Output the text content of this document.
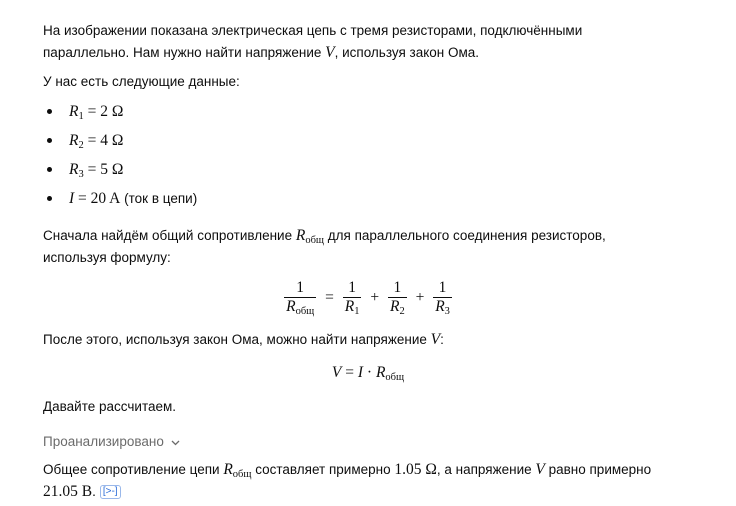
На изображении показана электрическая цепь с тремя резисторами, подключёнными
параллельно. Нам нужно найти напряжение V, используя закон Ома.

У нас есть следующие данные:

$R_1 = 2$ Ω
$R_2 = 4$ Ω
$R_3 = 5$ Ω
I = 20 A (ток в цепи)

Сначала найдём общий сопротивление $R_{общ}$ для параллельного соединения резисторов,
используя формулу:

$\frac{1}{R_{общ}} = \frac{1}{R_1} + \frac{1}{R_2} + \frac{1}{R_3}$

После этого, используя закон Ома, можно найти напряжение V:

$V = I \cdot R_{общ}$

Давайте рассчитаем.

Проанализировано

Общее сопротивление цепи $R_{общ}$ составляет примерно 1.05 Ω, а напряжение V равно примерно
21.05 В. [>-]
